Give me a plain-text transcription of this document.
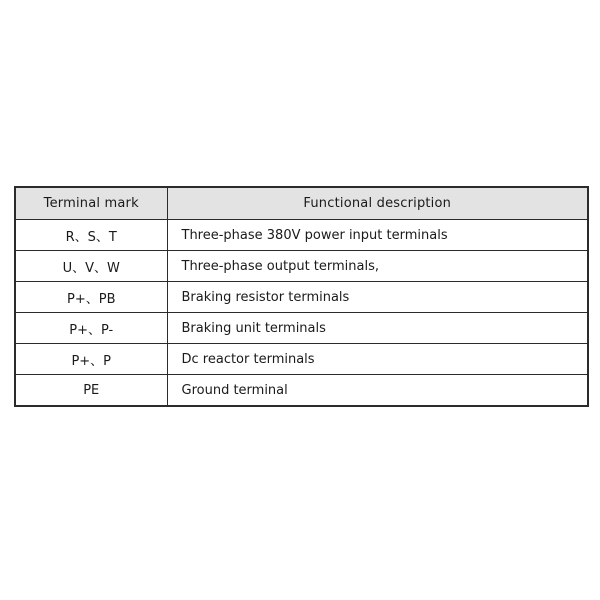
Terminal mark	Functional description
R、S、T	Three-phase 380V power input terminals
U、V、W	Three-phase output terminals,
P+、PB	Braking resistor terminals
P+、P-	Braking unit terminals
P+、P	Dc reactor terminals
PE	Ground terminal
